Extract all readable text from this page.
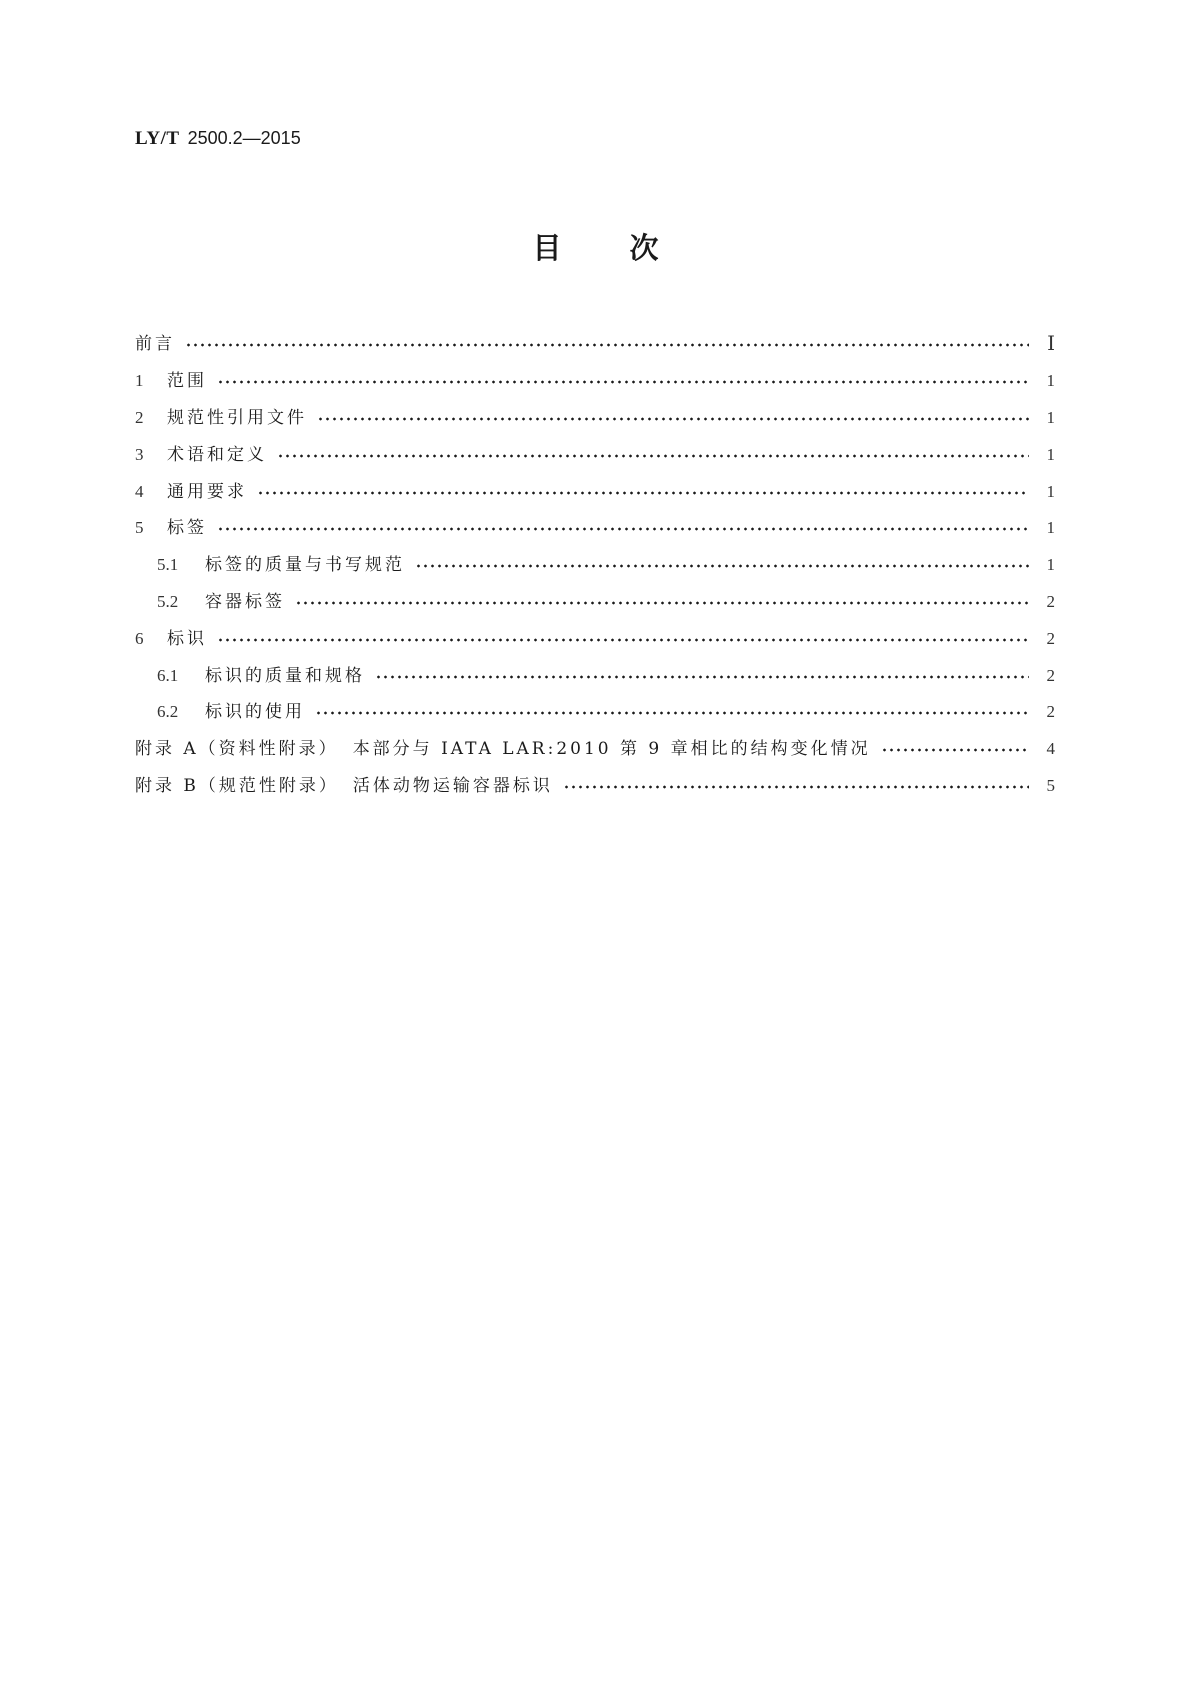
LY/T 2500.2—2015
目 次
前言	Ⅰ
1	范围	1
2	规范性引用文件	1
3	术语和定义	1
4	通用要求	1
5	标签	1
5.1	标签的质量与书写规范	1
5.2	容器标签	2
6	标识	2
6.1	标识的质量和规格	2
6.2	标识的使用	2
附录 A（资料性附录） 本部分与 IATA LAR:2010 第 9 章相比的结构变化情况	4
附录 B（规范性附录） 活体动物运输容器标识	5
